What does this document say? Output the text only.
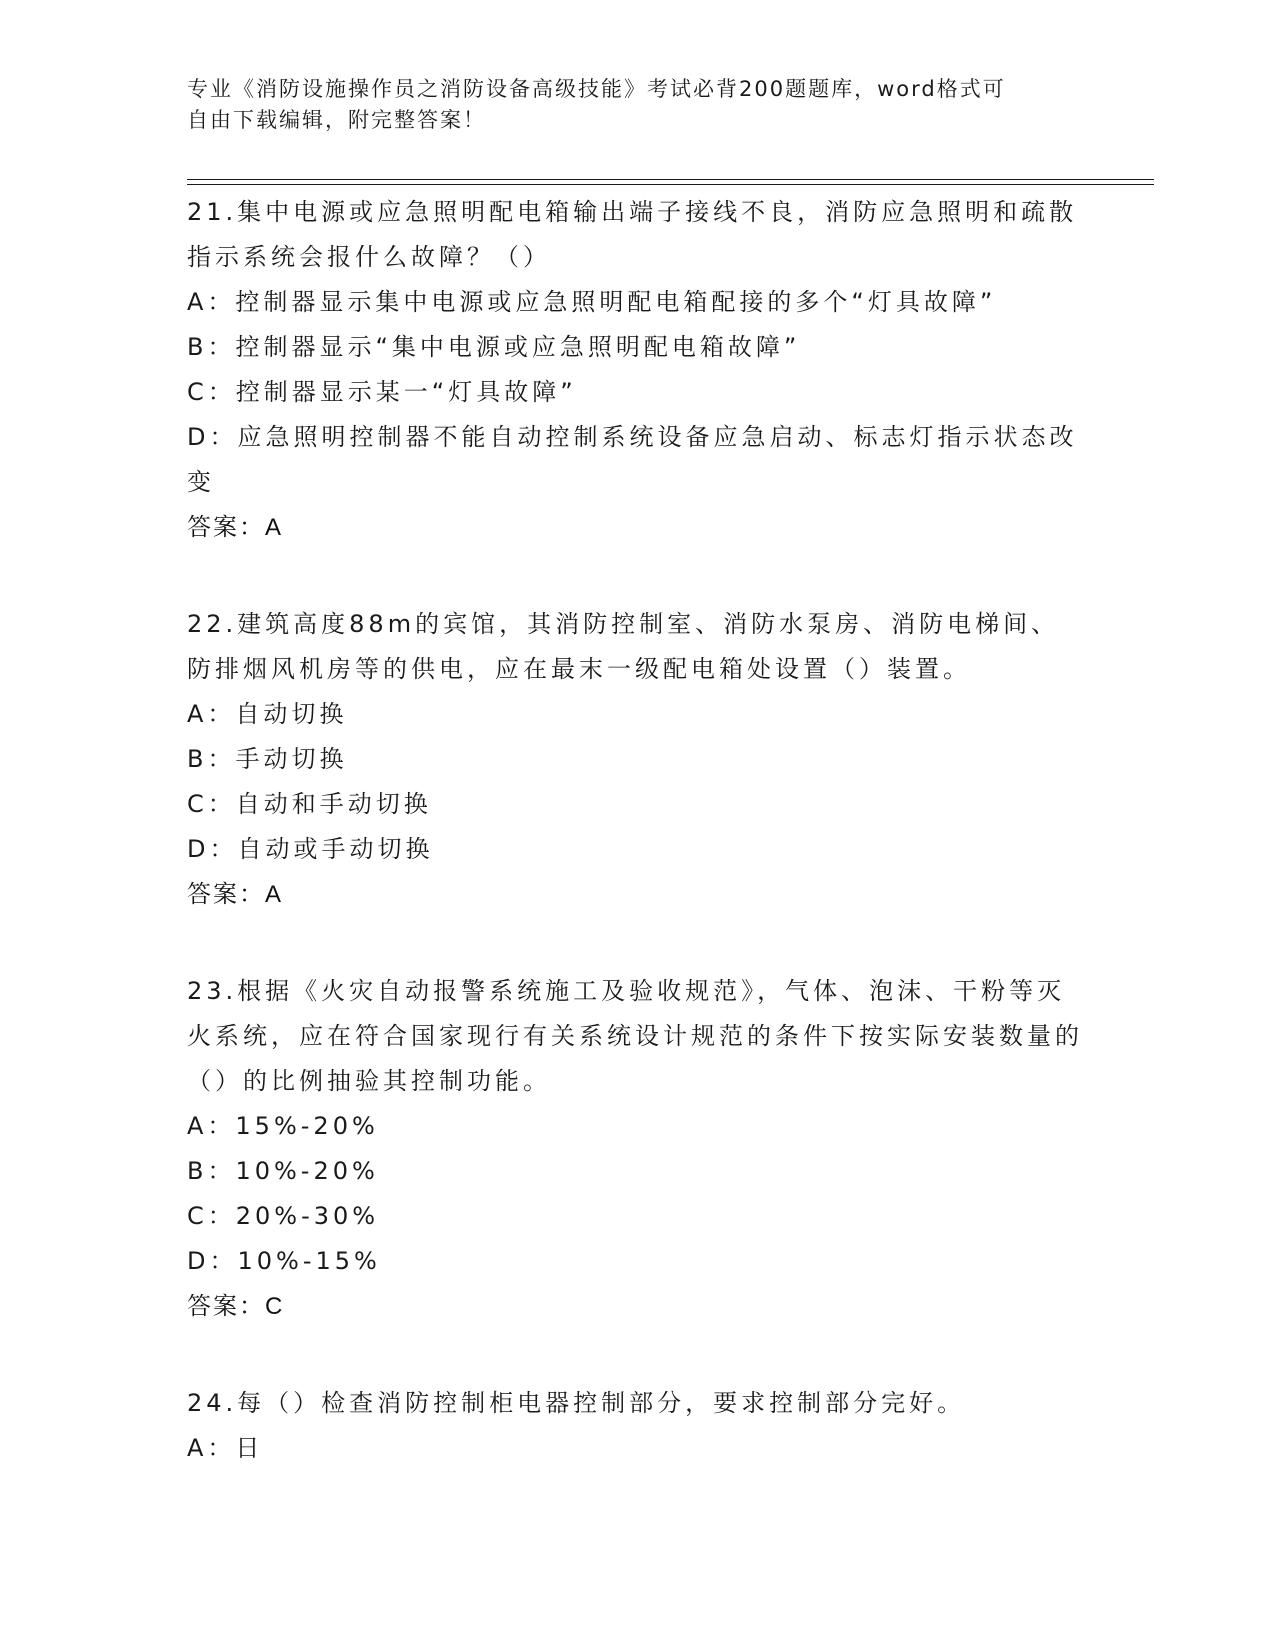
专业《消防设施操作员之消防设备高级技能》考试必背200题题库，word格式可
自由下载编辑，附完整答案！

21.集中电源或应急照明配电箱输出端子接线不良，消防应急照明和疏散指示系统会报什么故障？（）

A：控制器显示集中电源或应急照明配电箱配接的多个“灯具故障”

B：控制器显示“集中电源或应急照明配电箱故障”

C：控制器显示某一“灯具故障”

D：应急照明控制器不能自动控制系统设备应急启动、标志灯指示状态改变

答案：A

22.建筑高度88m的宾馆，其消防控制室、消防水泵房、消防电梯间、防排烟风机房等的供电，应在最末一级配电箱处设置（）装置。

A：自动切换

B：手动切换

C：自动和手动切换

D：自动或手动切换

答案：A

23.根据《火灾自动报警系统施工及验收规范》，气体、泡沫、干粉等灭火系统，应在符合国家现行有关系统设计规范的条件下按实际安装数量的（）的比例抽验其控制功能。

A：15%-20%

B：10%-20%

C：20%-30%

D：10%-15%

答案：C

24.每（）检查消防控制柜电器控制部分，要求控制部分完好。

A：日
